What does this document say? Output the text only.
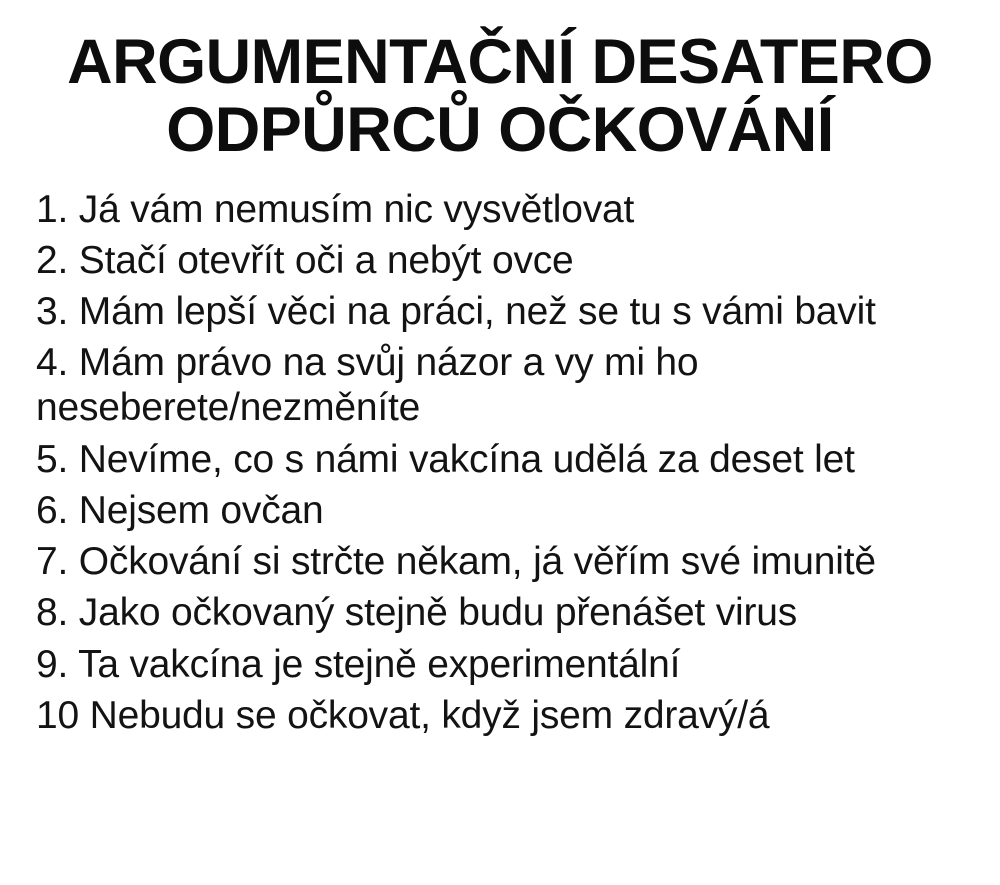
ARGUMENTAČNÍ DESATERO
ODPŮRCŮ OČKOVÁNÍ
1. Já vám nemusím nic vysvětlovat
2. Stačí otevřít oči a nebýt ovce
3. Mám lepší věci na práci, než se tu s vámi bavit
4. Mám právo na svůj názor a vy mi ho neseberete/nezměníte
5. Nevíme, co s námi vakcína udělá za deset let
6. Nejsem ovčan
7. Očkování si strčte někam, já věřím své imunitě
8. Jako očkovaný stejně budu přenášet virus
9. Ta vakcína je stejně experimentální
10 Nebudu se očkovat, když jsem zdravý/á
